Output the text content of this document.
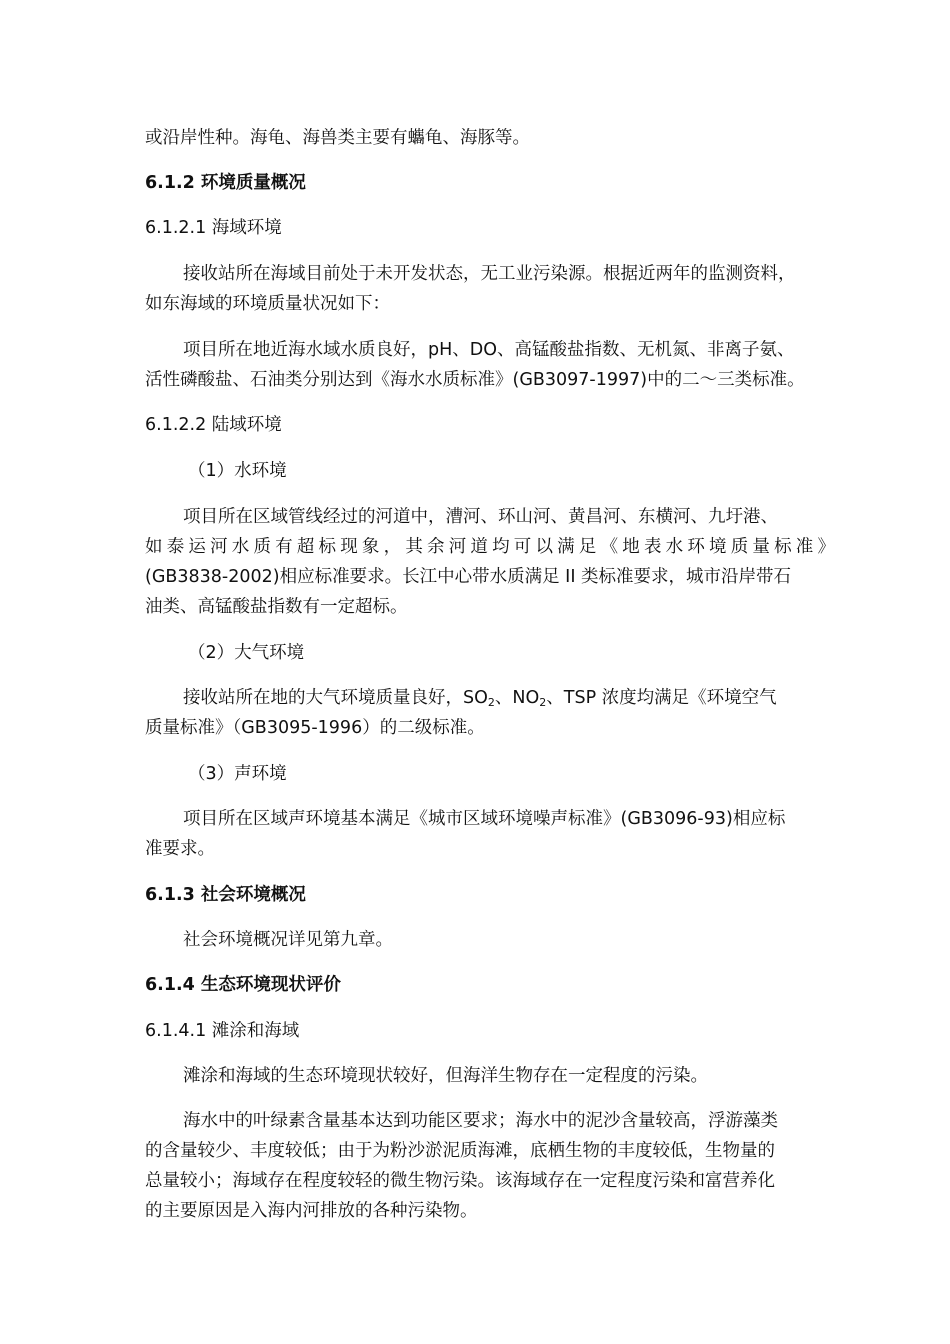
或沿岸性种。海龟、海兽类主要有蠵龟、海豚等。

6.1.2 环境质量概况

6.1.2.1 海域环境

接收站所在海域目前处于未开发状态，无工业污染源。根据近两年的监测资料，

如东海域的环境质量状况如下：

项目所在地近海水域水质良好，pH、DO、高锰酸盐指数、无机氮、非离子氨、

活性磷酸盐、石油类分别达到《海水水质标准》(GB3097-1997)中的二～三类标准。

6.1.2.2 陆域环境

（1）水环境

项目所在区域管线经过的河道中，漕河、环山河、黄昌河、东横河、九圩港、

如泰运河水质有超标现象，其余河道均可以满足《地表水环境质量标准》

(GB3838-2002)相应标准要求。长江中心带水质满足 II 类标准要求，城市沿岸带石

油类、高锰酸盐指数有一定超标。

（2）大气环境

接收站所在地的大气环境质量良好，$SO_2$、$NO_2$、TSP 浓度均满足《环境空气

质量标准》（GB3095-1996）的二级标准。

（3）声环境

项目所在区域声环境基本满足《城市区域环境噪声标准》(GB3096-93)相应标

准要求。

6.1.3 社会环境概况

社会环境概况详见第九章。

6.1.4 生态环境现状评价

6.1.4.1 滩涂和海域

滩涂和海域的生态环境现状较好，但海洋生物存在一定程度的污染。

海水中的叶绿素含量基本达到功能区要求；海水中的泥沙含量较高，浮游藻类

的含量较少、丰度较低；由于为粉沙淤泥质海滩，底栖生物的丰度较低，生物量的

总量较小；海域存在程度较轻的微生物污染。该海域存在一定程度污染和富营养化

的主要原因是入海内河排放的各种污染物。
